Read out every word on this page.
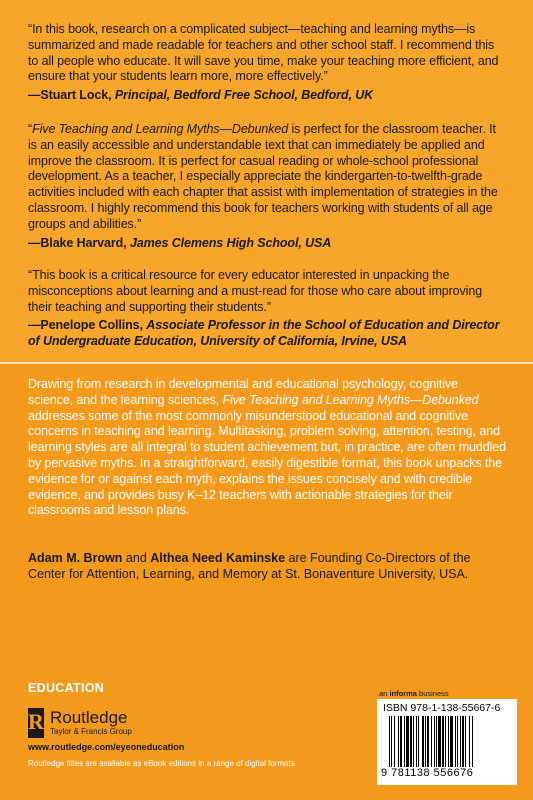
“In this book, research on a complicated subject—teaching and learning myths—is summarized and made readable for teachers and other school staff. I recommend this to all people who educate. It will save you time, make your teaching more efficient, and ensure that your students learn more, more effectively.”
—Stuart Lock, Principal, Bedford Free School, Bedford, UK
“Five Teaching and Learning Myths—Debunked is perfect for the classroom teacher. It is an easily accessible and understandable text that can immediately be applied and improve the classroom. It is perfect for casual reading or whole-school professional development. As a teacher, I especially appreciate the kindergarten-to-twelfth-grade activities included with each chapter that assist with implementation of strategies in the classroom. I highly recommend this book for teachers working with students of all age groups and abilities.”
—Blake Harvard, James Clemens High School, USA
“This book is a critical resource for every educator interested in unpacking the misconceptions about learning and a must-read for those who care about improving their teaching and supporting their students.”
—Penelope Collins, Associate Professor in the School of Education and Director of Undergraduate Education, University of California, Irvine, USA
Drawing from research in developmental and educational psychology, cognitive science, and the learning sciences, Five Teaching and Learning Myths—Debunked addresses some of the most commonly misunderstood educational and cognitive concerns in teaching and learning. Multitasking, problem solving, attention, testing, and learning styles are all integral to student achievement but, in practice, are often muddled by pervasive myths. In a straightforward, easily digestible format, this book unpacks the evidence for or against each myth, explains the issues concisely and with credible evidence, and provides busy K–12 teachers with actionable strategies for their classrooms and lesson plans.
Adam M. Brown and Althea Need Kaminske are Founding Co-Directors of the Center for Attention, Learning, and Memory at St. Bonaventure University, USA.
EDUCATION
R Routledge
Taylor & Francis Group
www.routledge.com/eyeoneducation
Routledge titles are available as eBook editions in a range of digital formats
an informa business
ISBN 978-1-138-55667-6
9 781138 556676
